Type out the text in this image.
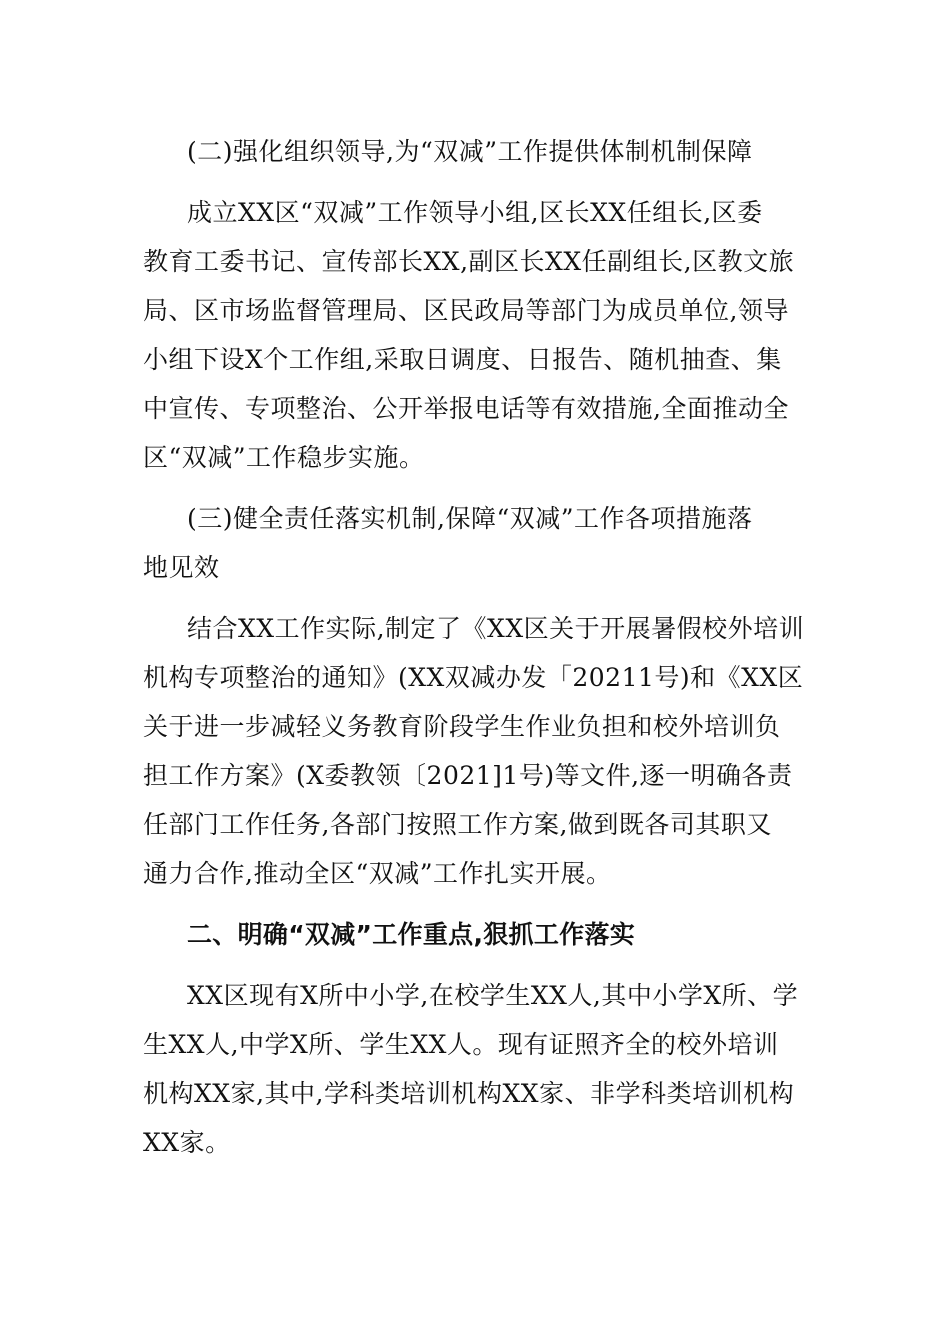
(二)强化组织领导,为“双减”工作提供体制机制保障
成立XX区“双减”工作领导小组,区长XX任组长,区委
教育工委书记、宣传部长XX,副区长XX任副组长,区教文旅
局、区市场监督管理局、区民政局等部门为成员单位,领导
小组下设X个工作组,采取日调度、日报告、随机抽查、集
中宣传、专项整治、公开举报电话等有效措施,全面推动全
区“双减”工作稳步实施。
(三)健全责任落实机制,保障“双减”工作各项措施落
地见效
结合XX工作实际,制定了《XX区关于开展暑假校外培训
机构专项整治的通知》(XX双减办发「20211号)和《XX区
关于进一步减轻义务教育阶段学生作业负担和校外培训负
担工作方案》(X委教领〔2021]1号)等文件,逐一明确各责
任部门工作任务,各部门按照工作方案,做到既各司其职又
通力合作,推动全区“双减”工作扎实开展。
二、明确“双减”工作重点,狠抓工作落实
XX区现有X所中小学,在校学生XX人,其中小学X所、学
生XX人,中学X所、学生XX人。现有证照齐全的校外培训
机构XX家,其中,学科类培训机构XX家、非学科类培训机构
XX家。
